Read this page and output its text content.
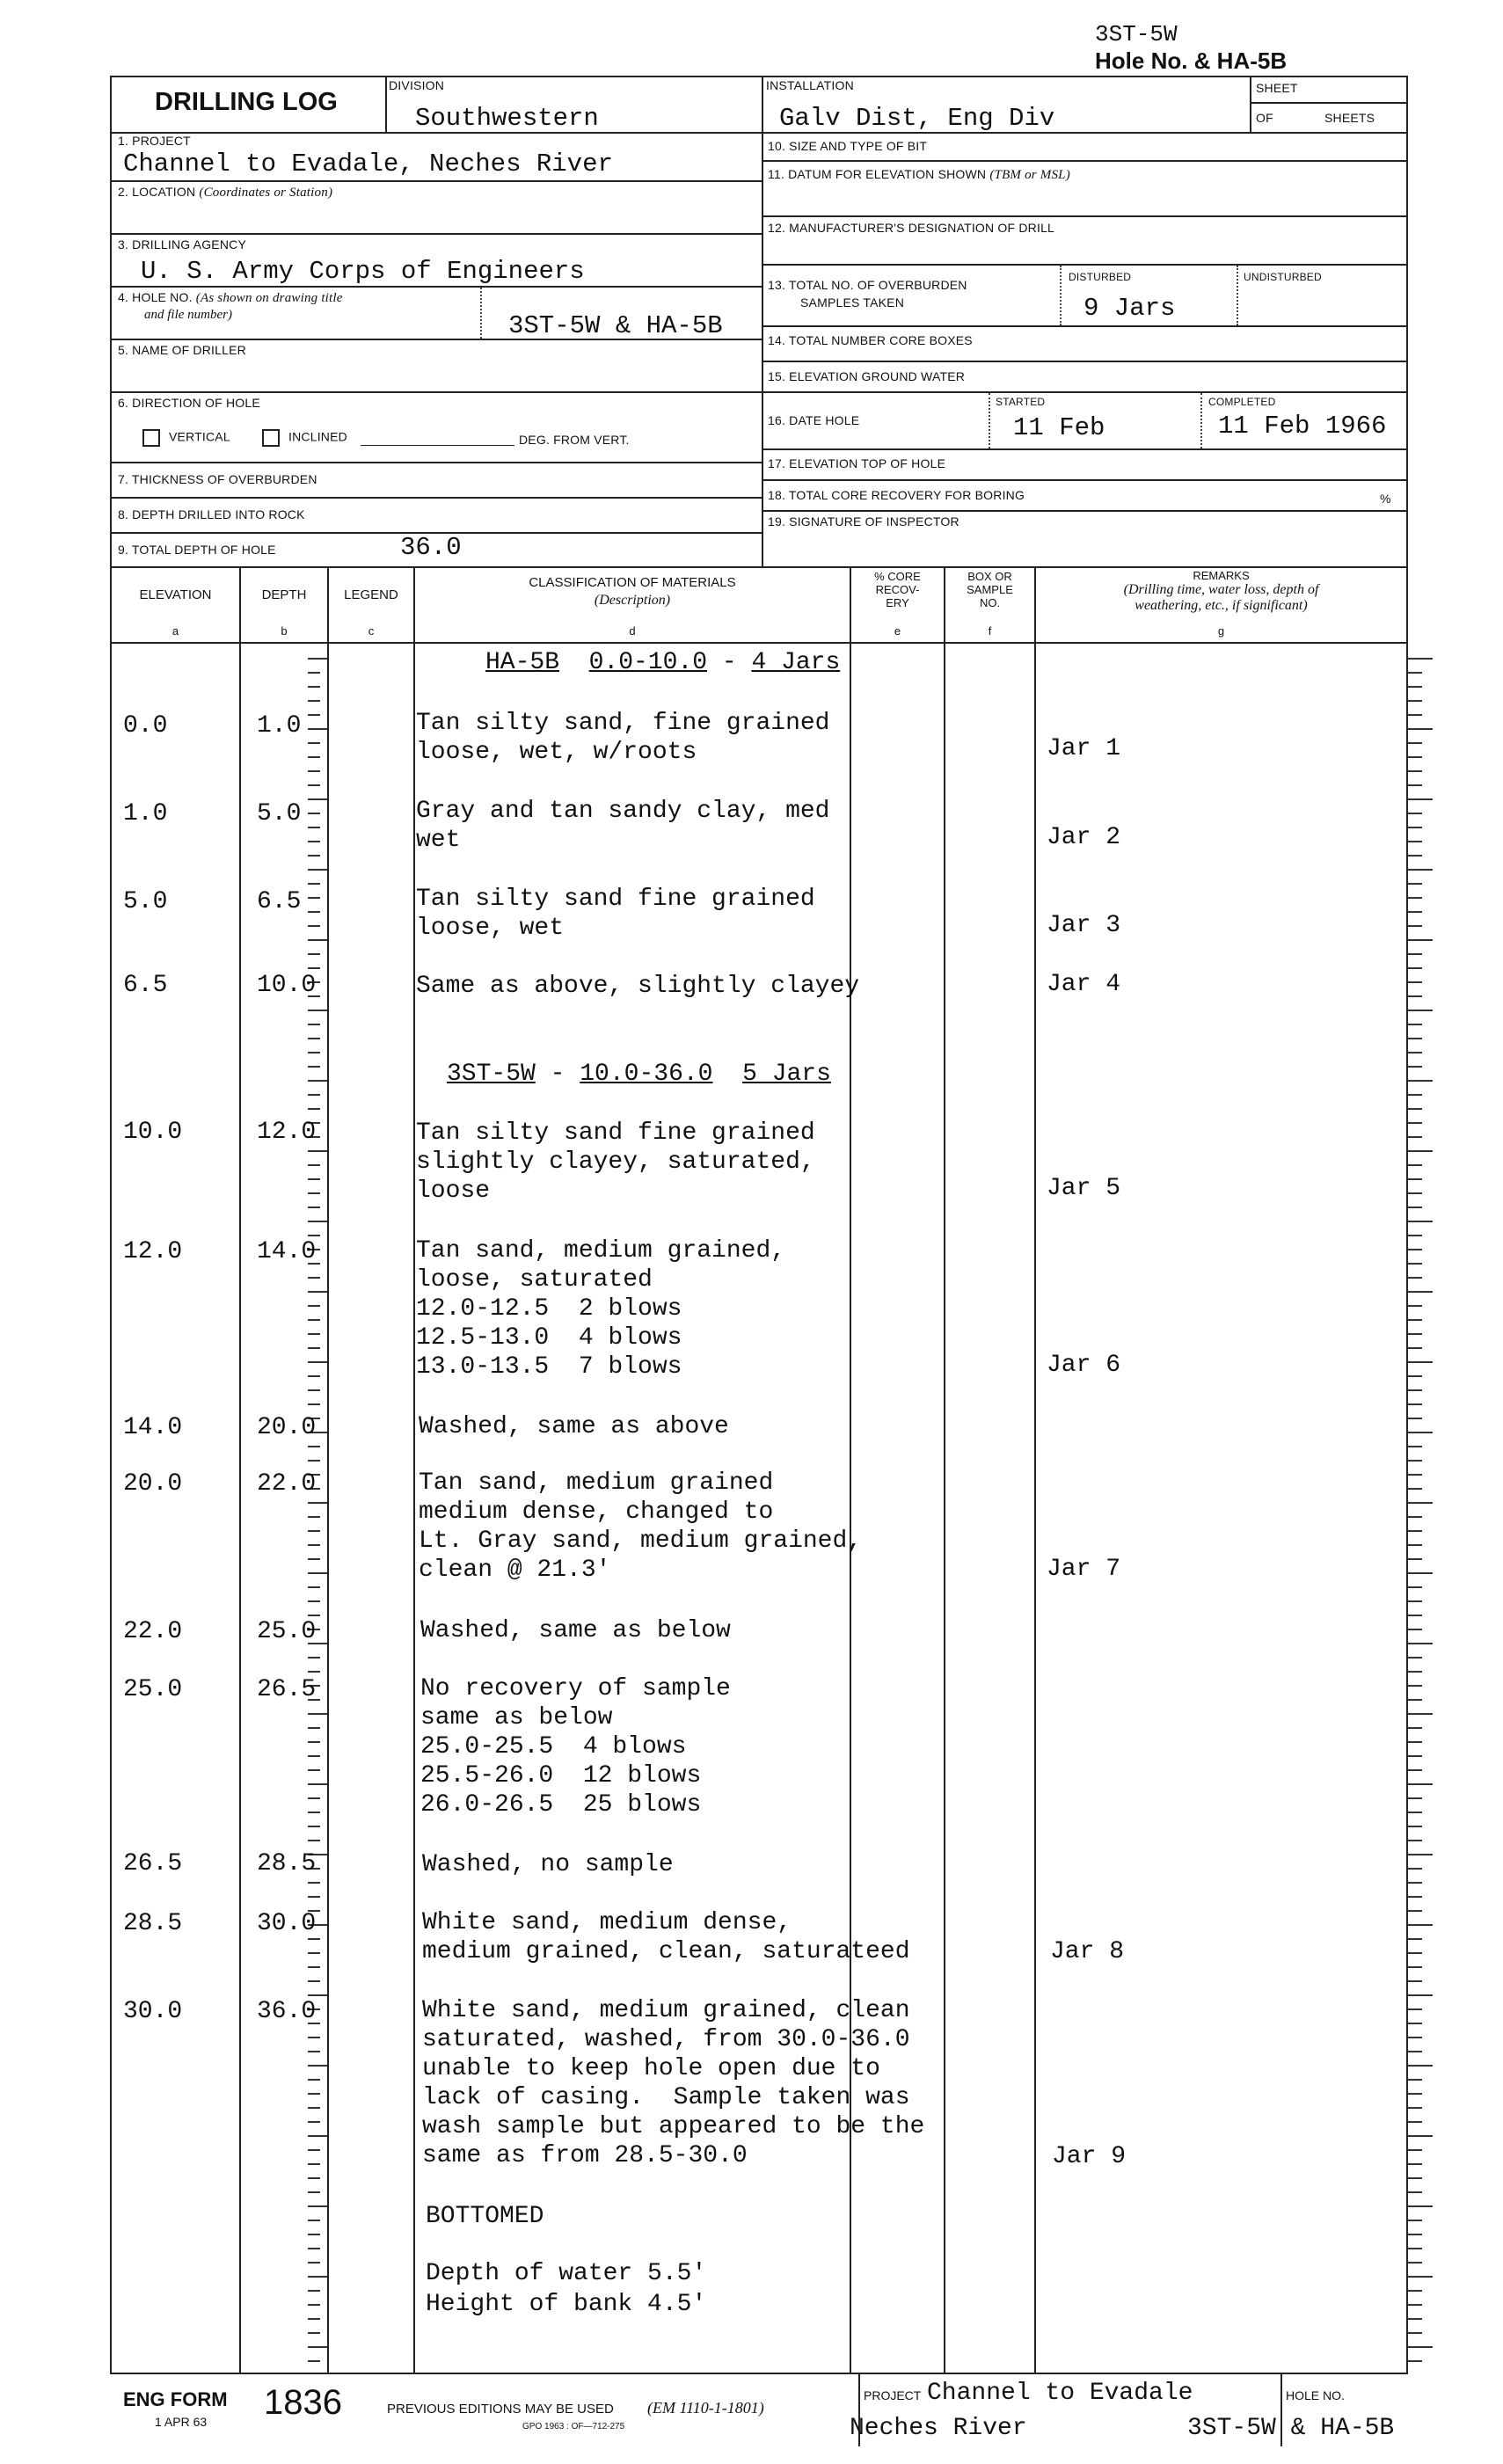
3ST-5W
Hole No. & HA-5B
DRILLING LOG
DIVISION
Southwestern
INSTALLATION
Galv Dist, Eng Div
SHEET
OF	SHEETS
1. PROJECT
Channel to Evadale, Neches River
2. LOCATION (Coordinates or Station)
3. DRILLING AGENCY
U. S. Army Corps of Engineers
4. HOLE NO. (As shown on drawing title
and file number)	3ST-5W & HA-5B
5. NAME OF DRILLER
6. DIRECTION OF HOLE
VERTICAL	INCLINED	DEG. FROM VERT.
7. THICKNESS OF OVERBURDEN
8. DEPTH DRILLED INTO ROCK
9. TOTAL DEPTH OF HOLE	36.0
10. SIZE AND TYPE OF BIT
11. DATUM FOR ELEVATION SHOWN (TBM or MSL)
12. MANUFACTURER'S DESIGNATION OF DRILL
13. TOTAL NO. OF OVERBURDEN
SAMPLES TAKEN
DISTURBED	UNDISTURBED
9 Jars
14. TOTAL NUMBER CORE BOXES
15. ELEVATION GROUND WATER
16. DATE HOLE
STARTED	COMPLETED
11 Feb	11 Feb 1966
17. ELEVATION TOP OF HOLE
18. TOTAL CORE RECOVERY FOR BORING	%
19. SIGNATURE OF INSPECTOR
ELEVATION
a
DEPTH
b
LEGEND
c
CLASSIFICATION OF MATERIALS
(Description)
d
% CORE
RECOV-
ERY
e
BOX OR
SAMPLE
NO.
f
REMARKS
(Drilling time, water loss, depth of
weathering, etc., if significant)
g
HA-5B 0.0-10.0 - 4 Jars
3ST-5W - 10.0-36.0 5 Jars
0.0	1.0	Tan silty sand, fine grained
loose, wet, w/roots	Jar 1
1.0	5.0	Gray and tan sandy clay, med
wet	Jar 2
5.0	6.5	Tan silty sand fine grained
loose, wet	Jar 3
6.5	10.0	Same as above, slightly clayey	Jar 4
10.0	12.0	Tan silty sand fine grained
slightly clayey, saturated,
loose	Jar 5
12.0	14.0	Tan sand, medium grained,
loose, saturated
12.0-12.5  2 blows
12.5-13.0  4 blows
13.0-13.5  7 blows	Jar 6
14.0	20.0	Washed, same as above
20.0	22.0	Tan sand, medium grained
medium dense, changed to
Lt. Gray sand, medium grained,
clean @ 21.3'	Jar 7
22.0	25.0	Washed, same as below
25.0	26.5	No recovery of sample
same as below
25.0-25.5  4 blows
25.5-26.0  12 blows
26.0-26.5  25 blows
26.5	28.5	Washed, no sample
28.5	30.0	White sand, medium dense,
medium grained, clean, saturateed	Jar 8
30.0	36.0	White sand, medium grained, clean
saturated, washed, from 30.0-36.0
unable to keep hole open due to
lack of casing.  Sample taken was
wash sample but appeared to be the
same as from 28.5-30.0	Jar 9
BOTTOMED
Depth of water 5.5'
Height of bank 4.5'
ENG FORM 1836
1 APR 63
PREVIOUS EDITIONS MAY BE USED (EM 1110-1-1801)
GPO 1963 : OF—712-275
PROJECT Channel to Evadale
Neches River
HOLE NO.
3ST-5W & HA-5B
